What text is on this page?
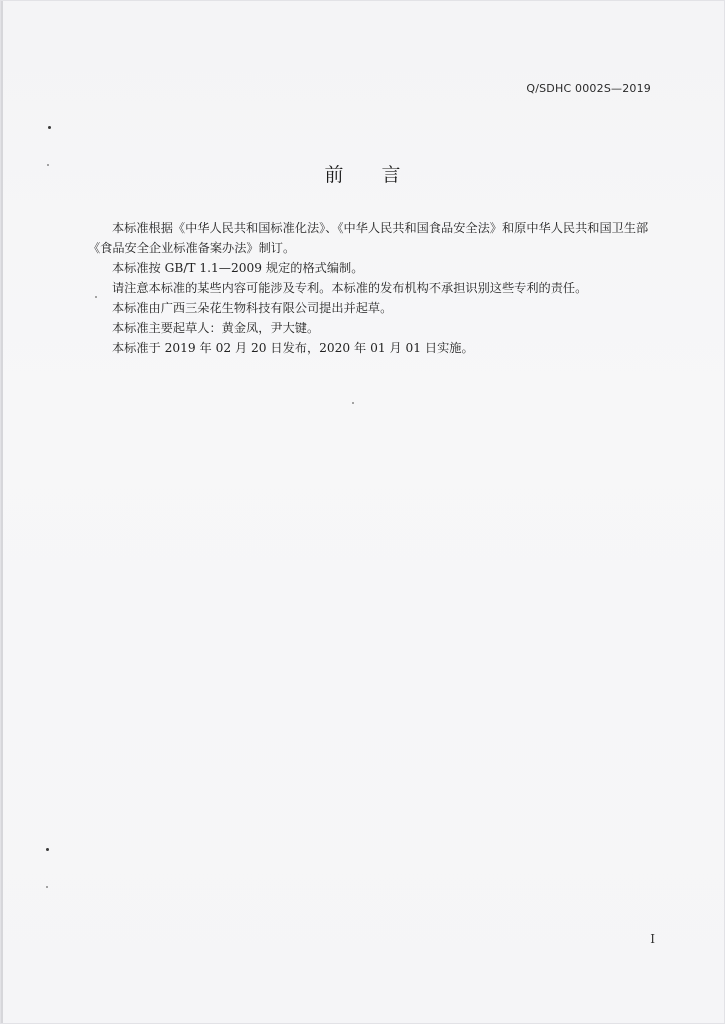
Q/SDHC 0002S—2019
前言

本标准根据《中华人民共和国标准化法》、《中华人民共和国食品安全法》和原中华人民共和国卫生部《食品安全企业标准备案办法》制订。

本标准按 GB/T 1.1—2009 规定的格式编制。

请注意本标准的某些内容可能涉及专利。本标准的发布机构不承担识别这些专利的责任。

本标准由广西三朵花生物科技有限公司提出并起草。

本标准主要起草人：黄金凤，尹大键。

本标准于 2019 年 02 月 20 日发布，2020 年 01 月 01 日实施。

I
